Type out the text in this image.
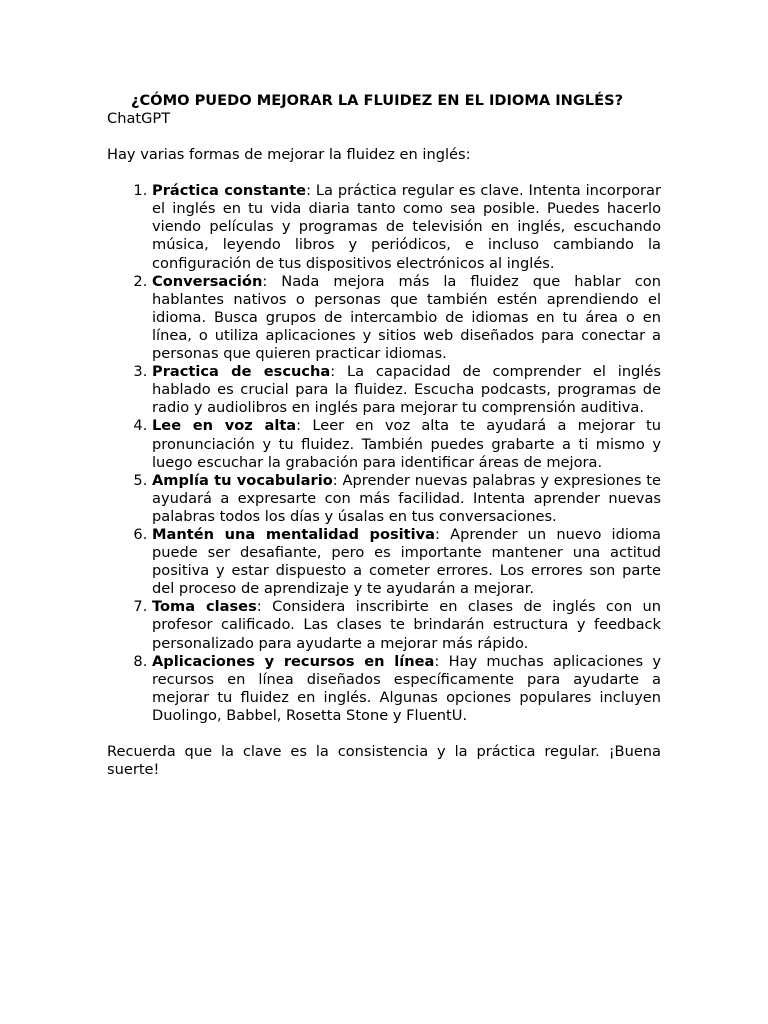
¿CÓMO PUEDO MEJORAR LA FLUIDEZ EN EL IDIOMA INGLÉS?

ChatGPT

Hay varias formas de mejorar la fluidez en inglés:

1. Práctica constante: La práctica regular es clave. Intenta incorporar el inglés en tu vida diaria tanto como sea posible. Puedes hacerlo viendo películas y programas de televisión en inglés, escuchando música, leyendo libros y periódicos, e incluso cambiando la configuración de tus dispositivos electrónicos al inglés.
2. Conversación: Nada mejora más la fluidez que hablar con hablantes nativos o personas que también estén aprendiendo el idioma. Busca grupos de intercambio de idiomas en tu área o en línea, o utiliza aplicaciones y sitios web diseñados para conectar a personas que quieren practicar idiomas.
3. Practica de escucha: La capacidad de comprender el inglés hablado es crucial para la fluidez. Escucha podcasts, programas de radio y audiolibros en inglés para mejorar tu comprensión auditiva.
4. Lee en voz alta: Leer en voz alta te ayudará a mejorar tu pronunciación y tu fluidez. También puedes grabarte a ti mismo y luego escuchar la grabación para identificar áreas de mejora.
5. Amplía tu vocabulario: Aprender nuevas palabras y expresiones te ayudará a expresarte con más facilidad. Intenta aprender nuevas palabras todos los días y úsalas en tus conversaciones.
6. Mantén una mentalidad positiva: Aprender un nuevo idioma puede ser desafiante, pero es importante mantener una actitud positiva y estar dispuesto a cometer errores. Los errores son parte del proceso de aprendizaje y te ayudarán a mejorar.
7. Toma clases: Considera inscribirte en clases de inglés con un profesor calificado. Las clases te brindarán estructura y feedback personalizado para ayudarte a mejorar más rápido.
8. Aplicaciones y recursos en línea: Hay muchas aplicaciones y recursos en línea diseñados específicamente para ayudarte a mejorar tu fluidez en inglés. Algunas opciones populares incluyen Duolingo, Babbel, Rosetta Stone y FluentU.

Recuerda que la clave es la consistencia y la práctica regular. ¡Buena suerte!
